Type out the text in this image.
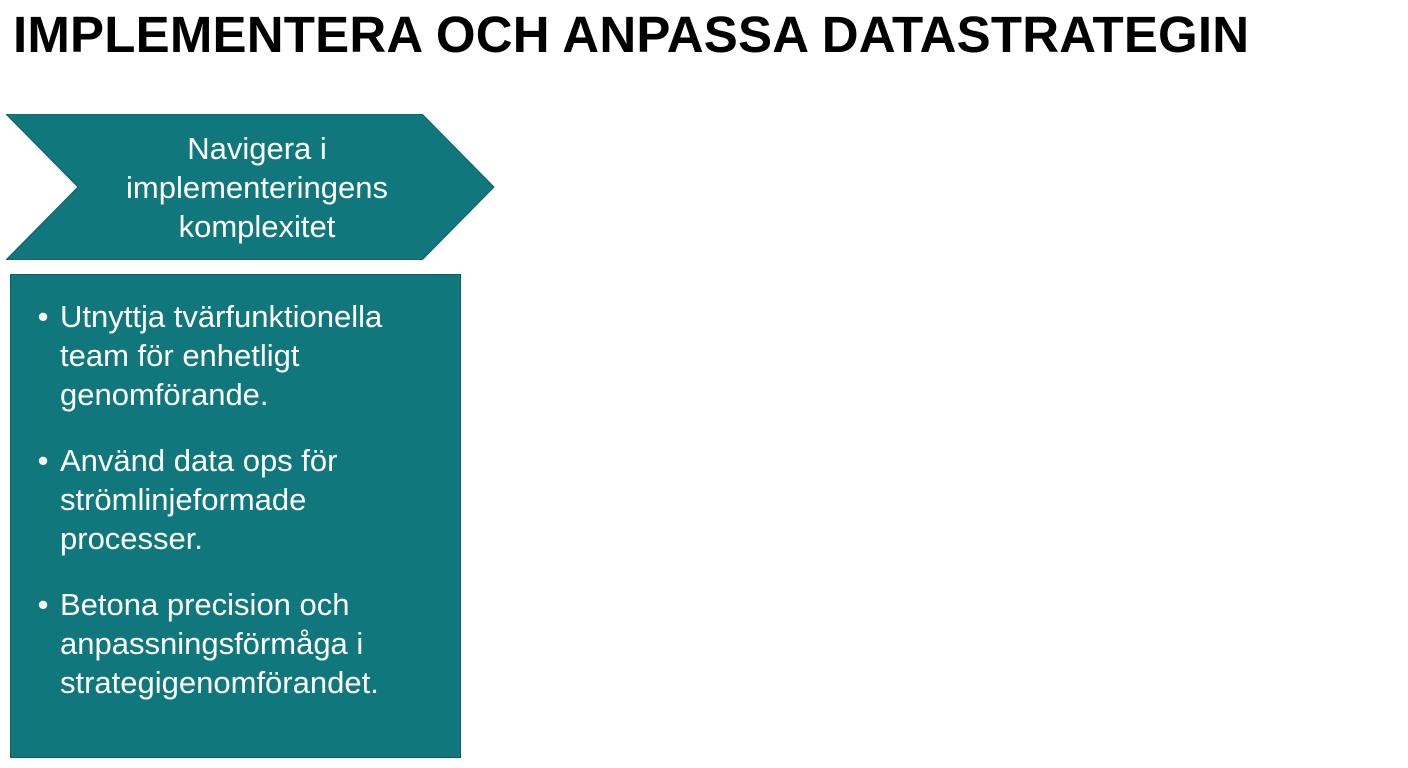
IMPLEMENTERA OCH ANPASSA DATASTRATEGIN
Navigera i implementeringens komplexitet
• Utnyttja tvärfunktionella team för enhetligt genomförande.
• Använd data ops för strömlinjeformade processer.
• Betona precision och anpassningsförmåga i strategigenomförandet.
